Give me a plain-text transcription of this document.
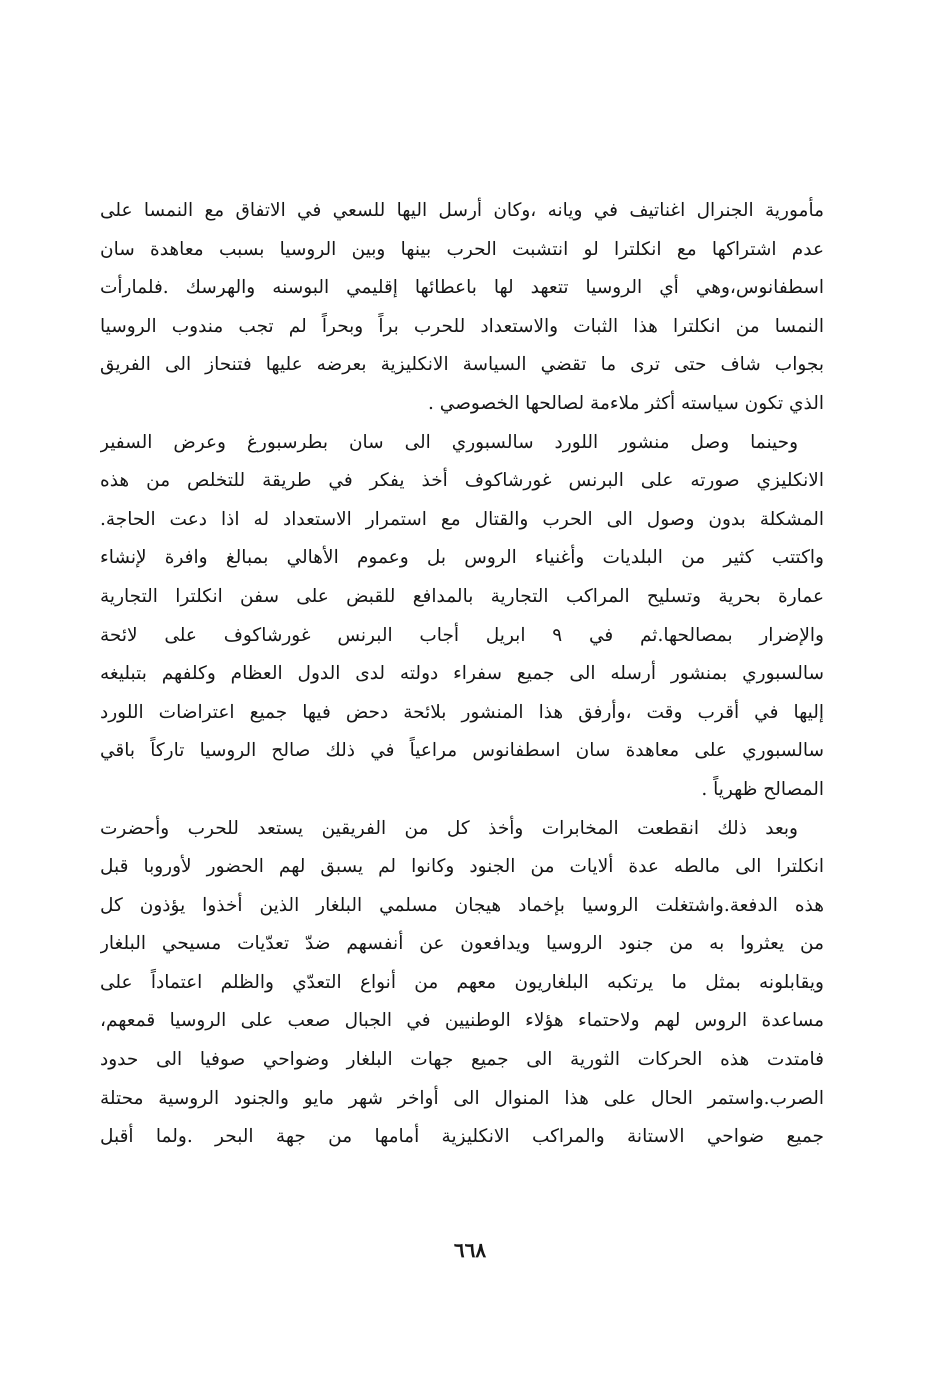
مأمورية الجنرال اغناتيف في ويانه ،وكان أرسل اليها للسعي في الاتفاق مع النمسا على
عدم اشتراكها مع انكلترا لو انتشبت الحرب بينها وبين الروسيا بسبب معاهدة سان
اسطفانوس،وهي أي الروسيا تتعهد لها باعطائها إقليمي البوسنه والهرسك .فلمارأت
النمسا من انكلترا هذا الثبات والاستعداد للحرب براً وبحراً لم تجب مندوب الروسيا
بجواب شاف حتى ترى ما تقضي السياسة الانكليزية بعرضه عليها فتنحاز الى الفريق
الذي تكون سياسته أكثر ملاءمة لصالحها الخصوصي .
وحينما وصل منشور اللورد سالسبوري الى سان بطرسبورغ وعرض السفير
الانكليزي صورته على البرنس غورشاكوف أخذ يفكر في طريقة للتخلص من هذه
المشكلة بدون وصول الى الحرب والقتال مع استمرار الاستعداد له اذا دعت الحاجة.
واكتتب كثير من البلديات وأغنياء الروس بل وعموم الأهالي بمبالغ وافرة لإنشاء
عمارة بحرية وتسليح المراكب التجارية بالمدافع للقبض على سفن انكلترا التجارية
والإضرار بمصالحها.ثم في ٩ ابريل أجاب البرنس غورشاكوف على لائحة
سالسبوري بمنشور أرسله الى جميع سفراء دولته لدى الدول العظام وكلفهم بتبليغه
إليها في أقرب وقت ،وأرفق هذا المنشور بلائحة دحض فيها جميع اعتراضات اللورد
سالسبوري على معاهدة سان اسطفانوس مراعياً في ذلك صالح الروسيا تاركاً باقي
المصالح ظهرياً .
وبعد ذلك انقطعت المخابرات وأخذ كل من الفريقين يستعد للحرب وأحضرت
انكلترا الى مالطه عدة ألايات من الجنود وكانوا لم يسبق لهم الحضور لأوروبا قبل
هذه الدفعة.واشتغلت الروسيا بإخماد هيجان مسلمي البلغار الذين أخذوا يؤذون كل
من يعثروا به من جنود الروسيا ويدافعون عن أنفسهم ضدّ تعدّيات مسيحي البلغار
ويقابلونه بمثل ما يرتكبه البلغاريون معهم من أنواع التعدّي والظلم اعتماداً على
مساعدة الروس لهم ولاحتماء هؤلاء الوطنيين في الجبال صعب على الروسيا قمعهم،
فامتدت هذه الحركات الثورية الى جميع جهات البلغار وضواحي صوفيا الى حدود
الصرب.واستمر الحال على هذا المنوال الى أواخر شهر مايو والجنود الروسية محتلة
جميع ضواحي الاستانة والمراكب الانكليزية أمامها من جهة البحر .ولما أقبل
٦٦٨
